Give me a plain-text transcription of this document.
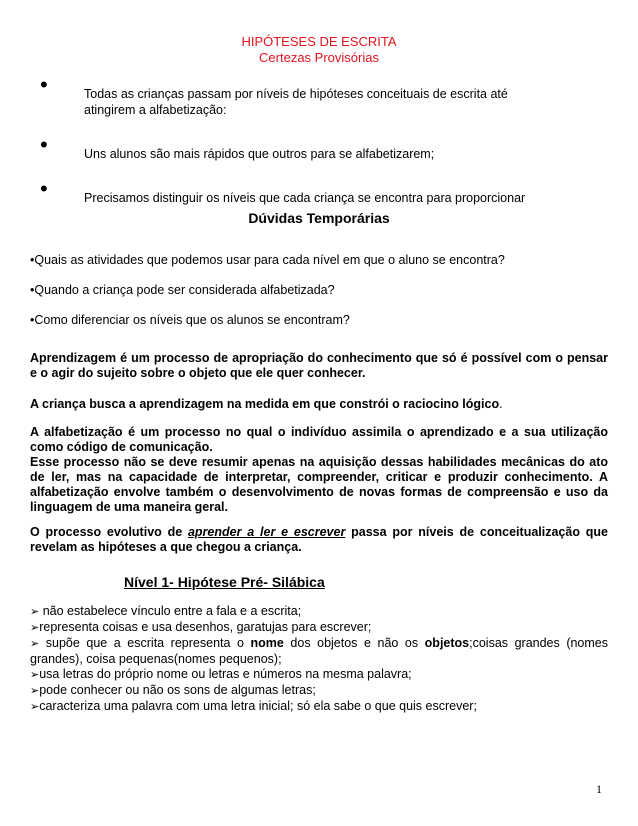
HIPÓTESES DE ESCRITA
Certezas Provisórias
•	Todas as crianças passam por níveis de hipóteses conceituais de escrita até atingirem a alfabetização:
•	Uns alunos são mais rápidos que outros para se alfabetizarem;
•	Precisamos distinguir os níveis que cada criança se encontra para proporcionar
Dúvidas Temporárias
•Quais as atividades que podemos usar para cada nível em que o aluno se encontra?
•Quando a criança pode ser considerada alfabetizada?
•Como diferenciar os níveis que os alunos se encontram?
Aprendizagem é um processo de apropriação do conhecimento que só é possível com o pensar
e o agir do sujeito sobre o objeto que ele quer conhecer.
A criança busca a aprendizagem na medida em que constrói o raciocino lógico.
A alfabetização é um processo no qual o indivíduo assimila o aprendizado e a sua utilização
como código de comunicação.
Esse processo não se deve resumir apenas na aquisição dessas habilidades mecânicas do ato
de ler, mas na capacidade de interpretar, compreender, criticar e produzir conhecimento. A
alfabetização envolve também o desenvolvimento de novas formas de compreensão e uso da
linguagem de uma maneira geral.
O processo evolutivo de aprender a ler e escrever passa por níveis de conceitualização que
revelam as hipóteses a que chegou a criança.
Nível 1- Hipótese Pré- Silábica
➢ não estabelece vínculo entre a fala e a escrita;
➢representa coisas e usa desenhos, garatujas para escrever;
➢ supõe que a escrita representa o nome dos objetos e não os objetos;coisas grandes (nomes
grandes), coisa pequenas(nomes pequenos);
➢usa letras do próprio nome ou letras e números na mesma palavra;
➢pode conhecer ou não os sons de algumas letras;
➢caracteriza uma palavra com uma letra inicial; só ela sabe o que quis escrever;
1
